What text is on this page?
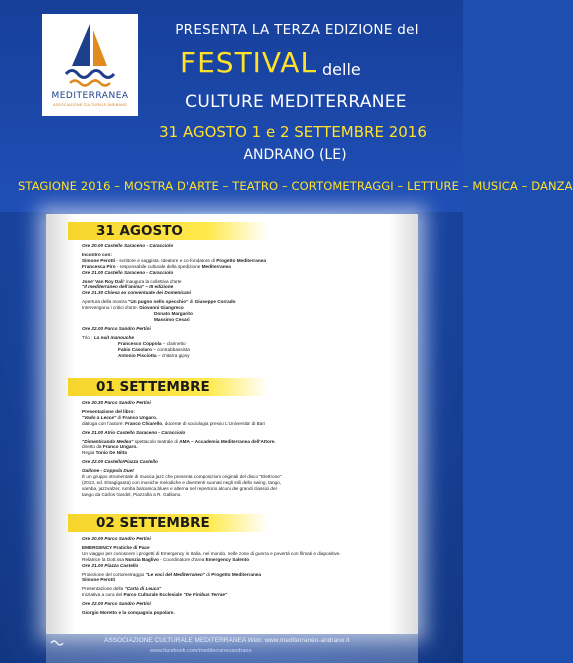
MEDITERRANEA
ASSOCIAZIONE CULTURALE ANDRANO
PRESENTA LA TERZA EDIZIONE del
FESTIVAL delle
CULTURE MEDITERRANEE
31 AGOSTO 1 e 2 SETTEMBRE 2016
ANDRANO (LE)
STAGIONE 2016 – MOSTRA D'ARTE – TEATRO – CORTOMETRAGGI – LETTURE – MUSICA – DANZA
31 AGOSTO
Ore 20.00 Castello Saraceno - Caracciolo
Incontro con:
Simone Perotti - scrittore e saggista. Ideatore e co-fondatore di Progetto Mediterranea
Francesca Piro - responsabile culturale della spedizione Mediterranea
Ore 21.00 Castello Saraceno - Caracciolo
Jose' Van Roy Dali' inaugura la collettiva d'arte
"Il mediterraneo dell'anima" – III edizione
Ore 21.30 Chiesa ex conventuale dei Domenicani
Apertura della mostra "Un pugno nello specchio" di Giuseppe Corrado
Intervengono i critici d'arte: Giovanni Giangreco
Donato Margarito
Massimo Cesari
Ore 22.00 Parco Sandro Pertini
Trio : La nuit manouche
Francesco Coppola – clarinetto
Fabio Casolaro – contrabbassista
Antonio Pisciotta – chitarra gipsy
01 SETTEMBRE
Ore 20.30 Parco Sandro Pertini
Presentazione del libro:
"Vado a Lecce" di Franco Ungaro.
dialoga con l'autore: Franco Chiarello, docente di sociologia presso L'Universita' di Bari
Ore 21.00 Atrio Castello Saraceno - Caracciolo
"Dimenticando Medea" spettacolo teatrale di AMA – Accademia Mediterranea dell'Attore.
diretto da Franco Ungaro.
Regia Tonio De Nitto
Ore 22.00 Castello/Piazza Castello
Gallone - Coppola Duet
È un gruppo strumentale di musica jazz che presenta composizioni originali del disco "Elettrone"
(2013, ed. Elnagiganta) con musiche melodiche e divertenti suonati negli stili dello swing, tango,
samba, jazzvalzer, rumba balcanica,blues e alterna nel repertorio alcuni dei grandi classici del
tango da Carlos Gardel, Piazzolla a R. Galliano.
02 SETTEMBRE
Ore 20.00 Parco Sandro Pertini
EMERGENCY Pratiche di Pace
Un viaggio per conoscere i progetti di Emergency in Italia, nel mondo, nelle zone di guerra e povertà con filmati e diapositive.
Relatrice la Dott.ssa Nunzia Baglivo - Coordinatore d'area Emergency Salento
Ore 21.00 Piazza Castello
Proiezione del cortometraggio "Le voci del Mediterraneo" di Progetto Mediterranea
Simone Perotti
Presentazione della "Carta di Leuca"
Iniziativa a cura del Parco Culturale Ecclesiale "De Finibus Terrae"
Ore 22.00 Parco Sandro Pertini
Giorgio Moretto e la compagnia popolare.
ASSOCIAZIONE CULTURALE MEDITERRANEA Web: www.mediterraneo-andrano.it
www.facebook.com/mediterraneoandrano
